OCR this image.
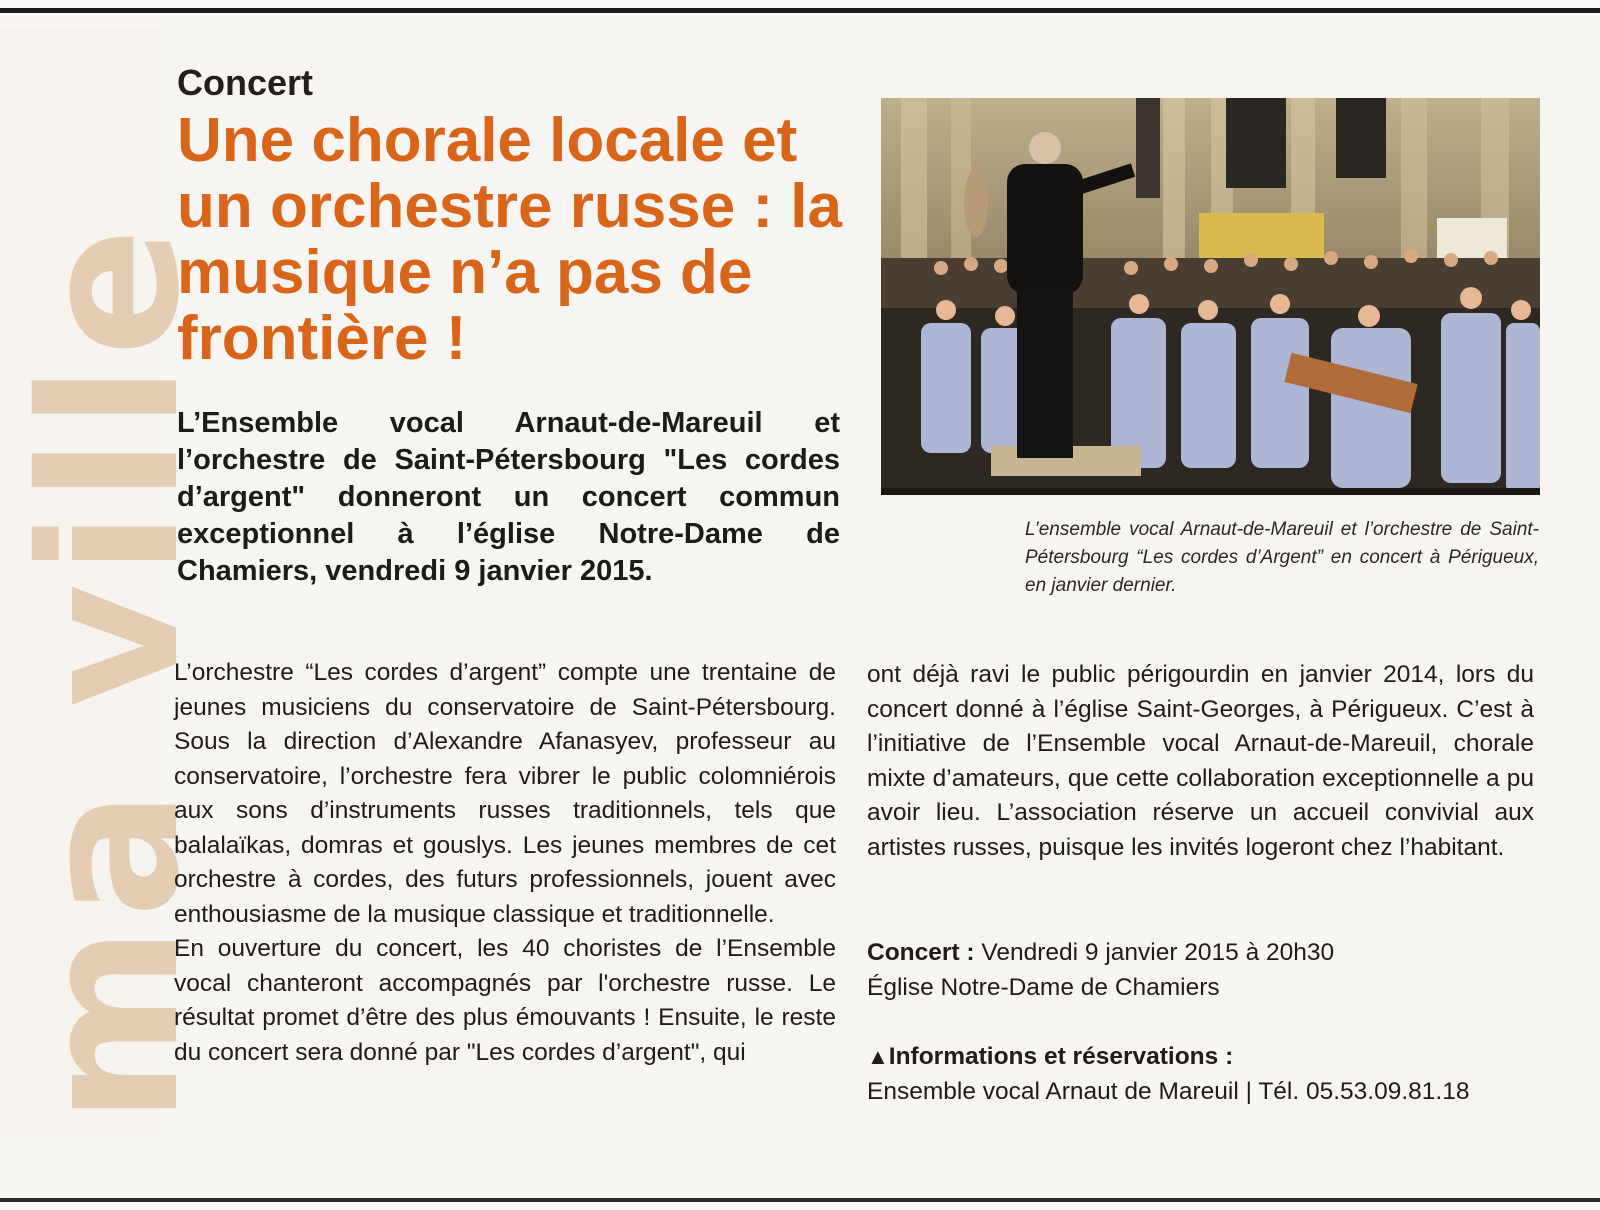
ma ville
Concert
Une chorale locale et un orchestre russe : la musique n’a pas de frontière !

L’Ensemble vocal Arnaut-de-Mareuil et l’orchestre de Saint-Pétersbourg "Les cordes d’argent" donneront un concert commun exceptionnel à l’église Notre-Dame de Chamiers, vendredi 9 janvier 2015.

L’ensemble vocal Arnaut-de-Mareuil et l’orchestre de Saint-Pétersbourg “Les cordes d’Argent” en concert à Périgueux, en janvier dernier.

L’orchestre “Les cordes d’argent” compte une trentaine de jeunes musiciens du conservatoire de Saint-Pétersbourg. Sous la direction d’Alexandre Afanasyev, professeur au conservatoire, l’orchestre fera vibrer le public colomniérois aux sons d’instruments russes traditionnels, tels que balalaïkas, domras et gouslys. Les jeunes membres de cet orchestre à cordes, des futurs professionnels, jouent avec enthousiasme de la musique classique et traditionnelle.

En ouverture du concert, les 40 choristes de l’Ensemble vocal chanteront accompagnés par l'orchestre russe. Le résultat promet d’être des plus émouvants ! Ensuite, le reste du concert sera donné par "Les cordes d’argent", qui

ont déjà ravi le public périgourdin en janvier 2014, lors du concert donné à l’église Saint-Georges, à Périgueux. C’est à l’initiative de l’Ensemble vocal Arnaut-de-Mareuil, chorale mixte d’amateurs, que cette collaboration exceptionnelle a pu avoir lieu. L’association réserve un accueil convivial aux artistes russes, puisque les invités logeront chez l’habitant.

Concert : Vendredi 9 janvier 2015 à 20h30
Église Notre-Dame de Chamiers
▲Informations et réservations :
Ensemble vocal Arnaut de Mareuil | Tél. 05.53.09.81.18
